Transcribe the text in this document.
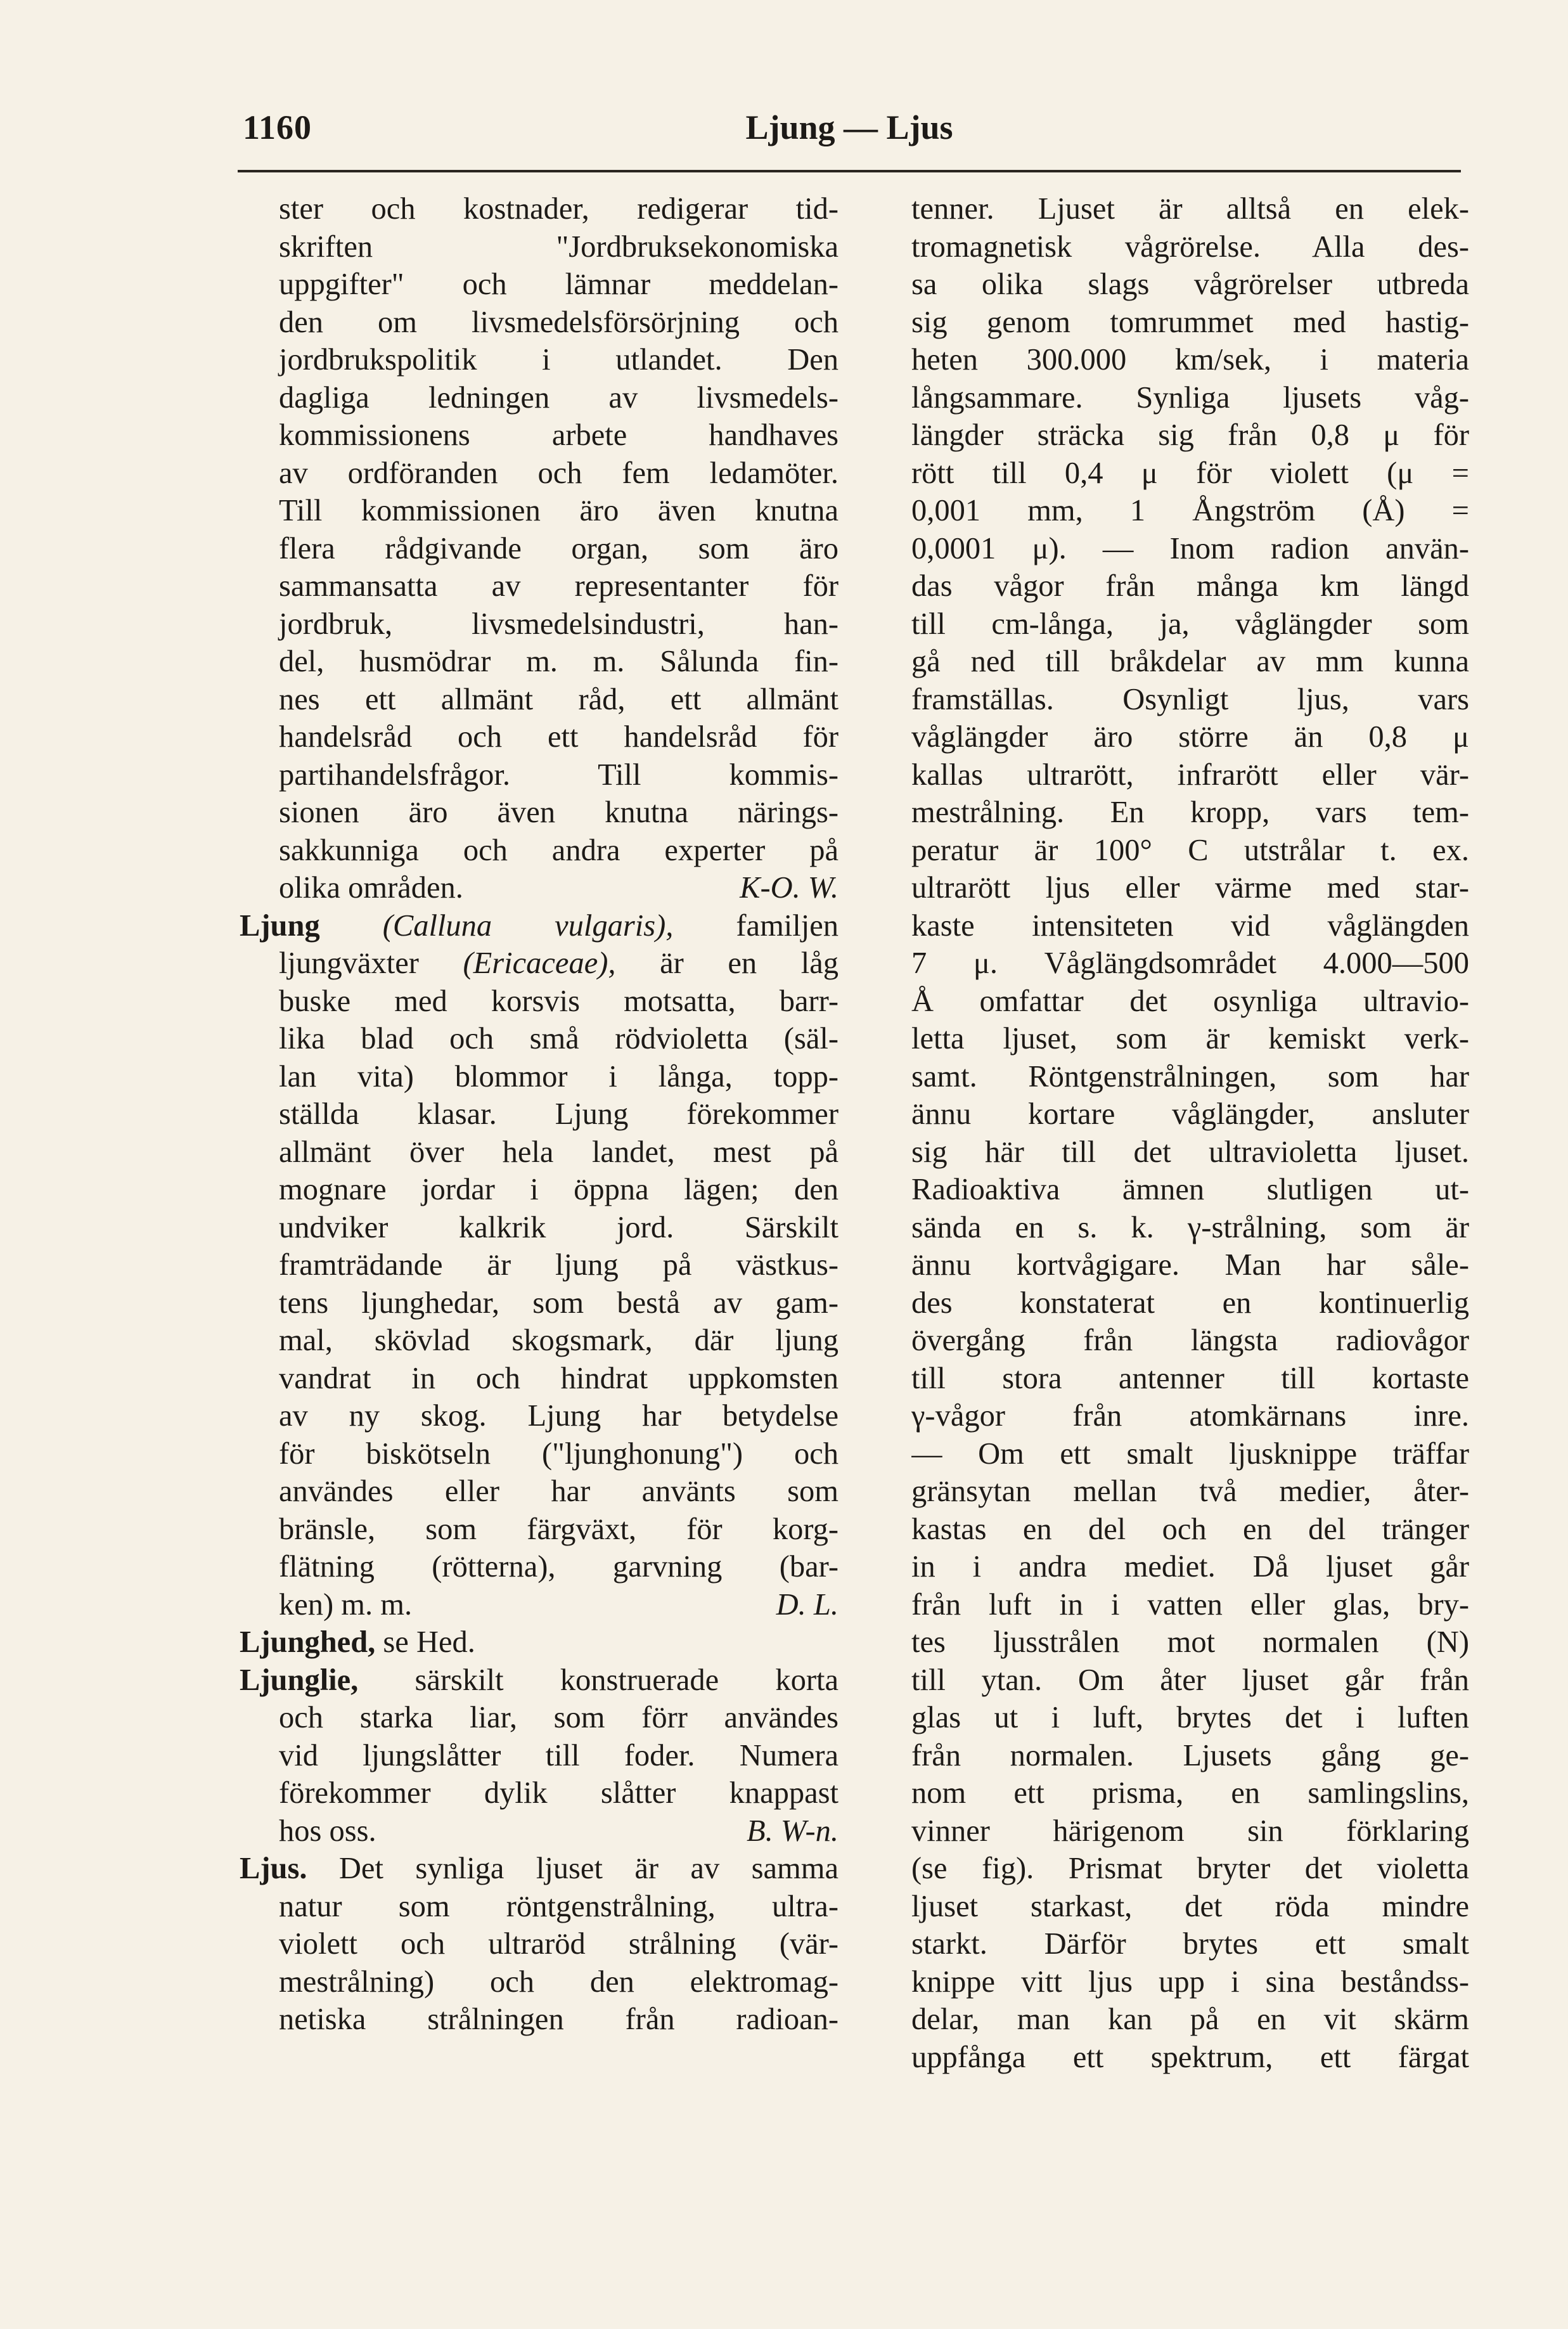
1160	Ljung — Ljus
ster och kostnader, redigerar tid-
skriften "Jordbruksekonomiska
uppgifter" och lämnar meddelan-
den om livsmedelsförsörjning och
jordbrukspolitik i utlandet. Den
dagliga ledningen av livsmedels-
kommissionens arbete handhaves
av ordföranden och fem ledamöter.
Till kommissionen äro även knutna
flera rådgivande organ, som äro
sammansatta av representanter för
jordbruk, livsmedelsindustri, han-
del, husmödrar m. m. Sålunda fin-
nes ett allmänt råd, ett allmänt
handelsråd och ett handelsråd för
partihandelsfrågor. Till kommis-
sionen äro även knutna närings-
sakkunniga och andra experter på
olika områden.	K-O. W.
Ljung (Calluna vulgaris), familjen
ljungväxter (Ericaceae), är en låg
buske med korsvis motsatta, barr-
lika blad och små rödvioletta (säl-
lan vita) blommor i långa, topp-
ställda klasar. Ljung förekommer
allmänt över hela landet, mest på
mognare jordar i öppna lägen; den
undviker kalkrik jord. Särskilt
framträdande är ljung på västkus-
tens ljunghedar, som bestå av gam-
mal, skövlad skogsmark, där ljung
vandrat in och hindrat uppkomsten
av ny skog. Ljung har betydelse
för biskötseln ("ljunghonung") och
användes eller har använts som
bränsle, som färgväxt, för korg-
flätning (rötterna), garvning (bar-
ken) m. m.	D. L.
Ljunghed, se Hed.
Ljunglie, särskilt konstruerade korta
och starka liar, som förr användes
vid ljungslåtter till foder. Numera
förekommer dylik slåtter knappast
hos oss.	B. W-n.
Ljus. Det synliga ljuset är av samma
natur som röntgenstrålning, ultra-
violett och ultraröd strålning (vär-
mestrålning) och den elektromag-
netiska strålningen från radioan-
tenner. Ljuset är alltså en elek-
tromagnetisk vågrörelse. Alla des-
sa olika slags vågrörelser utbreda
sig genom tomrummet med hastig-
heten 300.000 km/sek, i materia
långsammare. Synliga ljusets våg-
längder sträcka sig från 0,8 μ för
rött till 0,4 μ för violett (μ =
0,001 mm, 1 Ångström (Å) =
0,0001 μ). — Inom radion använ-
das vågor från många km längd
till cm-långa, ja, våglängder som
gå ned till bråkdelar av mm kunna
framställas. Osynligt ljus, vars
våglängder äro större än 0,8 μ
kallas ultrarött, infrarött eller vär-
mestrålning. En kropp, vars tem-
peratur är 100° C utstrålar t. ex.
ultrarött ljus eller värme med star-
kaste intensiteten vid våglängden
7 μ. Våglängdsområdet 4.000—500
Å omfattar det osynliga ultravio-
letta ljuset, som är kemiskt verk-
samt. Röntgenstrålningen, som har
ännu kortare våglängder, ansluter
sig här till det ultravioletta ljuset.
Radioaktiva ämnen slutligen ut-
sända en s. k. γ-strålning, som är
ännu kortvågigare. Man har såle-
des konstaterat en kontinuerlig
övergång från längsta radiovågor
till stora antenner till kortaste
γ-vågor från atomkärnans inre.
— Om ett smalt ljusknippe träffar
gränsytan mellan två medier, åter-
kastas en del och en del tränger
in i andra mediet. Då ljuset går
från luft in i vatten eller glas, bry-
tes ljusstrålen mot normalen (N)
till ytan. Om åter ljuset går från
glas ut i luft, brytes det i luften
från normalen. Ljusets gång ge-
nom ett prisma, en samlingslins,
vinner härigenom sin förklaring
(se fig). Prismat bryter det violetta
ljuset starkast, det röda mindre
starkt. Därför brytes ett smalt
knippe vitt ljus upp i sina beståndss-
delar, man kan på en vit skärm
uppfånga ett spektrum, ett färgat
